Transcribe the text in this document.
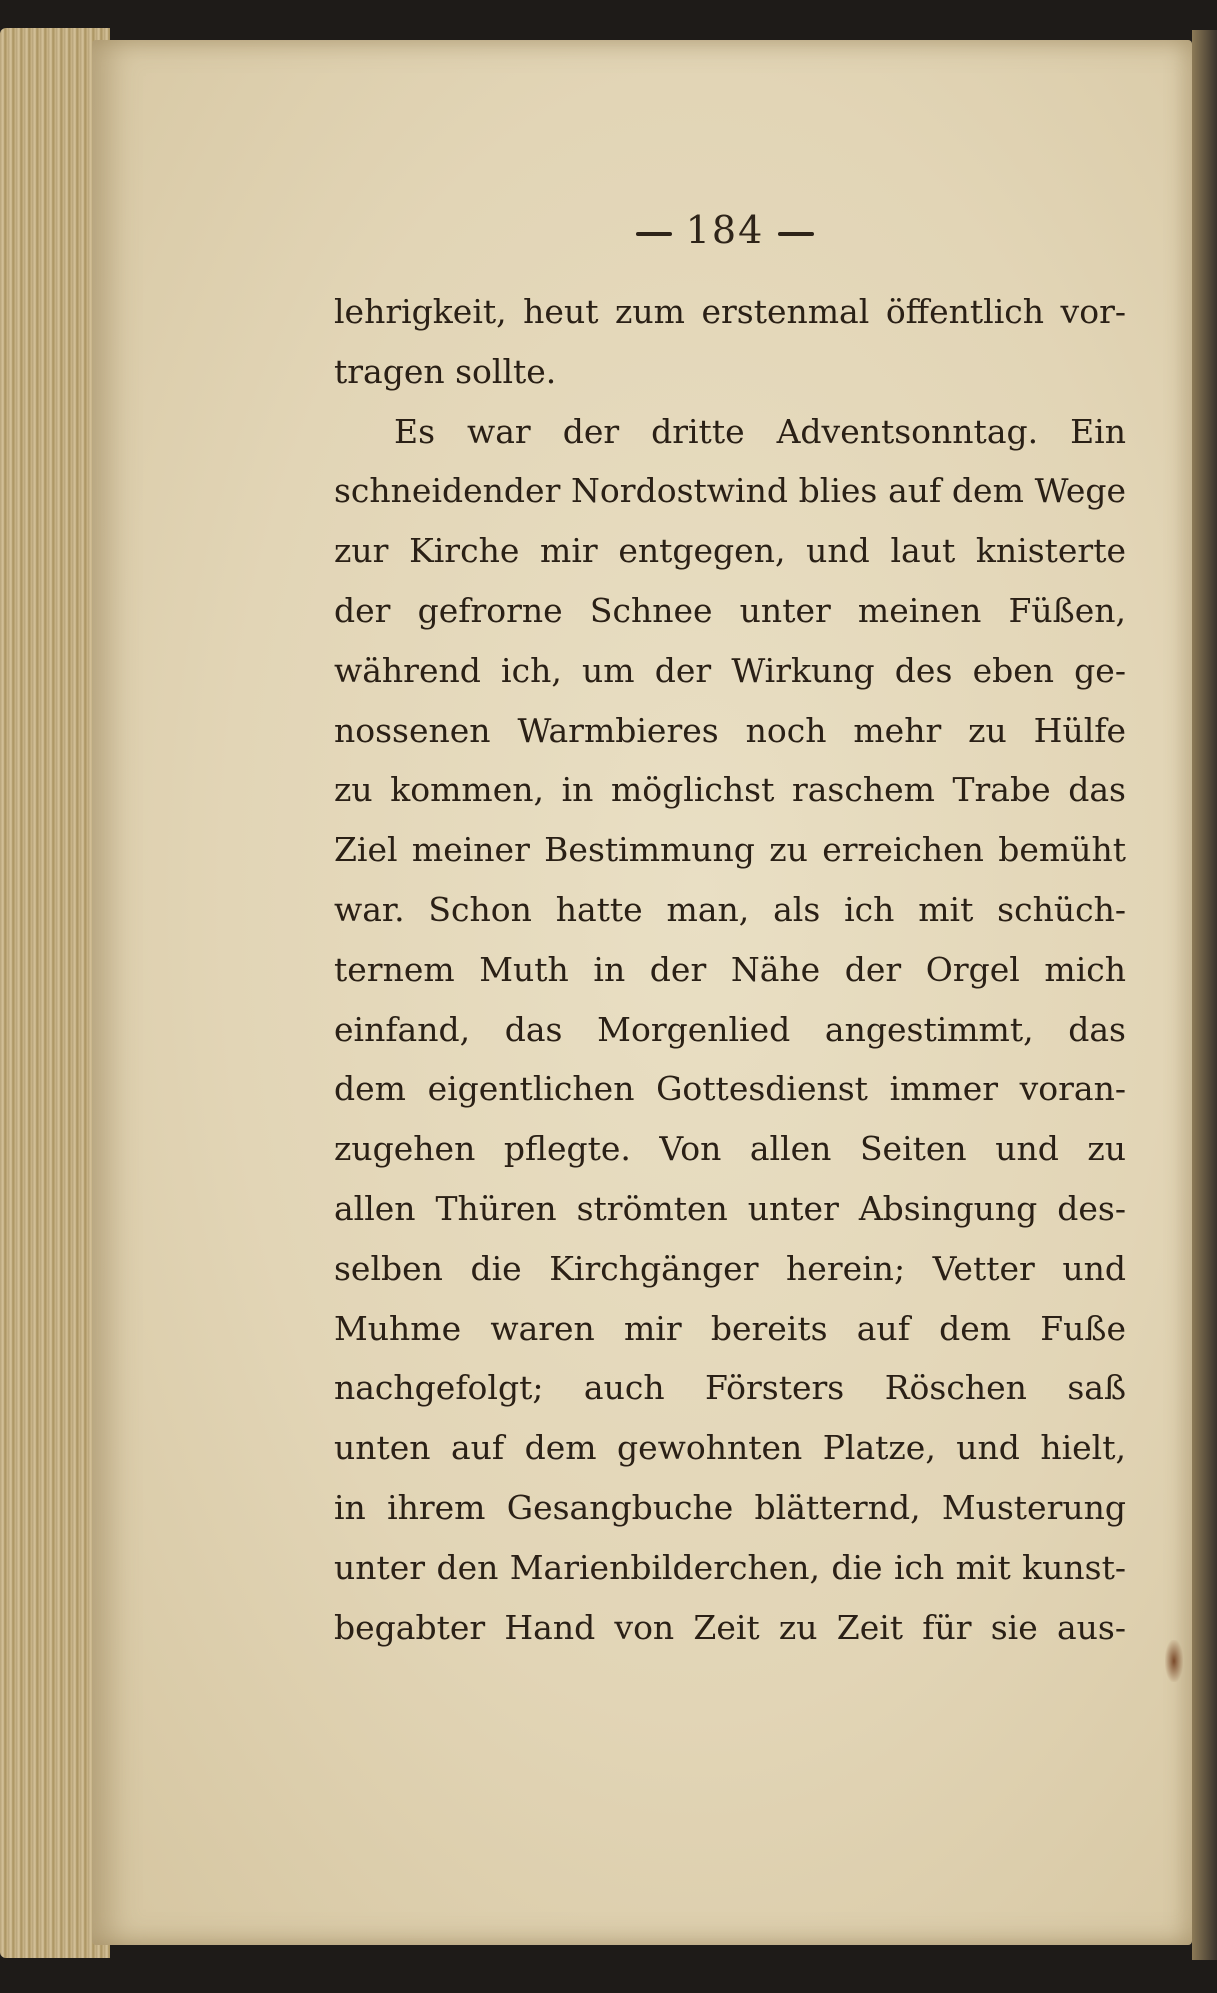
184
lehrigkeit, heut zum erstenmal öffentlich vor-
tragen sollte.
Es war der dritte Adventsonntag. Ein
schneidender Nordostwind blies auf dem Wege
zur Kirche mir entgegen, und laut knisterte
der gefrorne Schnee unter meinen Füßen,
während ich, um der Wirkung des eben ge-
nossenen Warmbieres noch mehr zu Hülfe
zu kommen, in möglichst raschem Trabe das
Ziel meiner Bestimmung zu erreichen bemüht
war. Schon hatte man, als ich mit schüch-
ternem Muth in der Nähe der Orgel mich
einfand, das Morgenlied angestimmt, das
dem eigentlichen Gottesdienst immer voran-
zugehen pflegte. Von allen Seiten und zu
allen Thüren strömten unter Absingung des-
selben die Kirchgänger herein; Vetter und
Muhme waren mir bereits auf dem Fuße
nachgefolgt; auch Försters Röschen saß
unten auf dem gewohnten Platze, und hielt,
in ihrem Gesangbuche blätternd, Musterung
unter den Marienbilderchen, die ich mit kunst-
begabter Hand von Zeit zu Zeit für sie aus-
